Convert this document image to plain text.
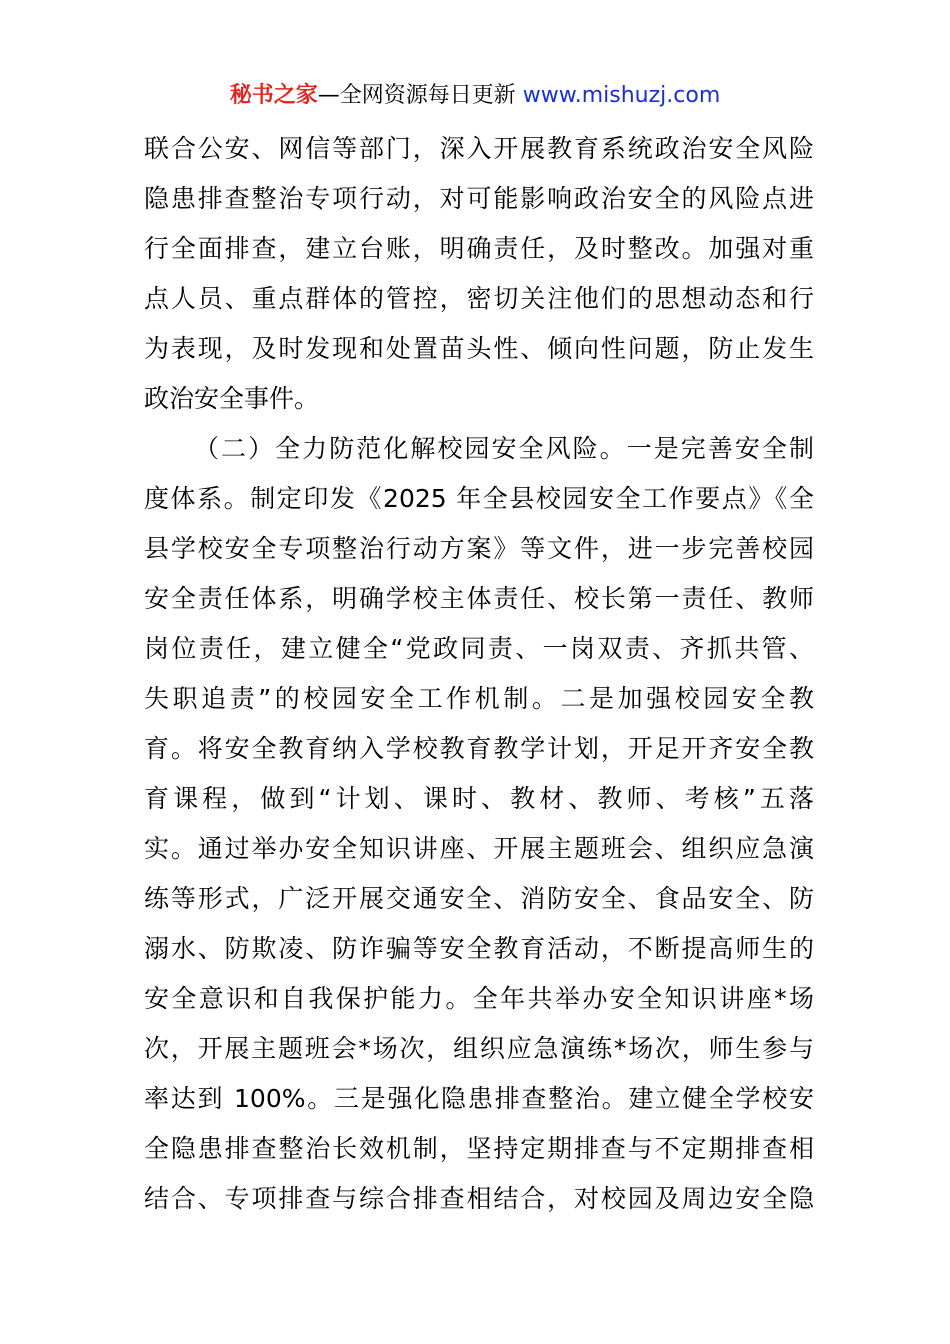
秘书之家—全网资源每日更新 www.mishuzj.com
联合公安、网信等部门，深入开展教育系统政治安全风险
隐患排查整治专项行动，对可能影响政治安全的风险点进
行全面排查，建立台账，明确责任，及时整改。加强对重
点人员、重点群体的管控，密切关注他们的思想动态和行
为表现，及时发现和处置苗头性、倾向性问题，防止发生
政治安全事件。
（二）全力防范化解校园安全风险。一是完善安全制
度体系。制定印发《2025 年全县校园安全工作要点》《全
县学校安全专项整治行动方案》等文件，进一步完善校园
安全责任体系，明确学校主体责任、校长第一责任、教师
岗位责任，建立健全“党政同责、一岗双责、齐抓共管、
失职追责”的校园安全工作机制。二是加强校园安全教
育。将安全教育纳入学校教育教学计划，开足开齐安全教
育课程，做到“计划、课时、教材、教师、考核”五落
实。通过举办安全知识讲座、开展主题班会、组织应急演
练等形式，广泛开展交通安全、消防安全、食品安全、防
溺水、防欺凌、防诈骗等安全教育活动，不断提高师生的
安全意识和自我保护能力。全年共举办安全知识讲座*场
次，开展主题班会*场次，组织应急演练*场次，师生参与
率达到 100%。三是强化隐患排查整治。建立健全学校安
全隐患排查整治长效机制，坚持定期排查与不定期排查相
结合、专项排查与综合排查相结合，对校园及周边安全隐
